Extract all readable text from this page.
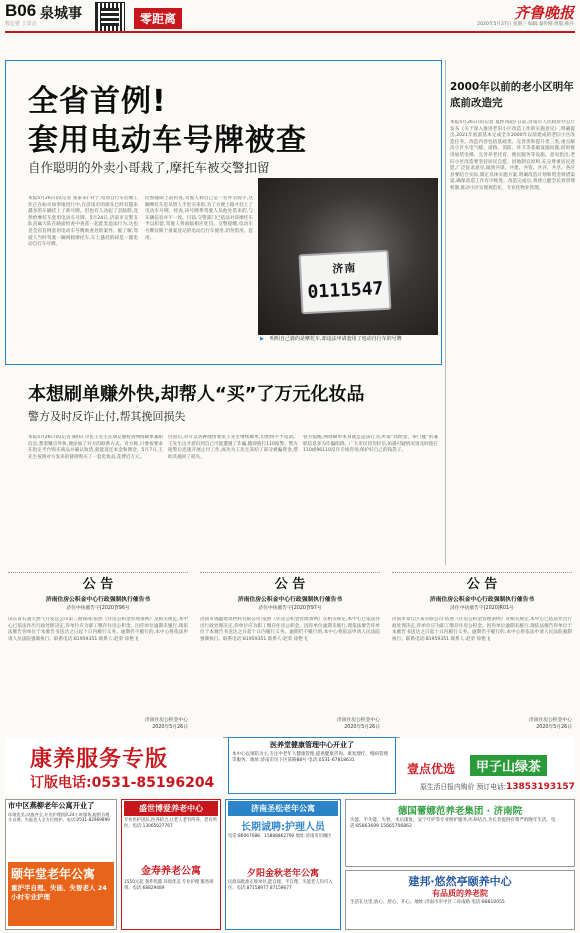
B06 泉城事	零距离
校记者 上景点
齐鲁晚报
2020年5月27日 星期三 编辑:秦传刚 组版:韩丹
全省首例!
套用电动车号牌被查
自作聪明的外卖小哥栽了,摩托车被交警扣留
本报5月26日讯(记者 张泰来) 对于,电动自行车挂牌工作正在如火如荼地进行中,在济南市的街头已经有越来越多的车辆挂上了新号牌。但也有人动起了歪脑筋,竟然给摩托车套用电动车号牌。5月24日,济南市交警支队直属大队在路面检查中查获一起此类违法行为,这也是全省首例套用电动车号牌被查处的案件。据了解,驾驶人当时驾驶一辆两轮摩托车,车上悬挂的却是一副电动自行车号牌。
民警随即上前检查,驾驶人称自己是一名外卖骑手,这辆摩托车是从别人手里买来的,为了方便上路才挂上了电动车号牌。经查,该号牌系驾驶人从他处借来的,与车辆信息并不一致。目前,交警部门已依法对该摩托车予以扣留,驾驶人将面临相应处罚。交警提醒,电动车号牌仅限于备案登记的电动自行车使用,切勿借用、套用。
济南
0111547
▶ 明明自己骑的是摩托车,却违法申请套用了电动自行车的号牌
本想刷单赚外快,却帮人“买”了万元化妆品
警方及时反诈止付,帮其挽回损失
本报5月26日讯(记者 刷伟) 市民王先生在朋友圈看到网络刷单兼职信息,想着赚点外快,便添加了对方的联系方式。对方称,只要按要求在指定平台购买商品并确认收货,就能返还本金和佣金。5月7日,王先生按照对方发来的链接购买了一套化妆品,花费近万元。
付款后,对方以各种理由要求王先生继续刷单,但始终不予返款。王先生这才意识到自己可能遭遇了诈骗,随即拨打110报警。警方接警后迅速开展止付工作,成功为王先生冻结了部分被骗资金,帮助其挽回了损失。
警方提醒,网络刷单本身就是违法行为,所谓“高佣金、零门槛”的兼职信息多为诈骗陷阱。广大市民切勿轻信,如遇可疑情况请及时拨打110或96110反诈专线咨询,保护好自己的钱袋子。
2000年以前的老小区明年底前改造完
本报5月26日讯(记者 夏侯凤超) 日前,济南市人民政府办公厅发布《关于深入推进老旧小区改造工作的实施意见》,明确提出,2021年底前基本完成全市2000年以前建成的老旧小区改造任务。改造内容包括基础类、完善类和提升类三类,重点解决小区水电气暖、道路、消防、环卫等基础设施问题,同时推进加装电梯、完善养老托育、便民服务等设施。意见指出,老旧小区改造要坚持居民自愿、因地制宜原则,充分尊重居民意愿,广泛征求意见,做到共谋、共建、共管、共评、共享。各区县要结合实际,制定具体实施方案,明确改造计划和资金筹措渠道,确保改造工作有序推进。改造完成后,将建立健全长效管理机制,推动小区实现规范化、专业化物业管理。
公 告
济南住房公积金中心行政强制执行催告书
济住中执催告字[2020]Y96号
山东省石油天然气开发总公司第三勘探部:依照《住房公积金管理条例》及相关规定,本中心已依法作出行政处理决定,你单位应为职工缴存住房公积金。因你单位逾期未履行,现依法催告你单位于本催告书送达之日起十日内履行义务。逾期仍不履行的,本中心将依法申请人民法院强制执行。联系电话:81959351 联系人:赵荣 徐艳飞
济南住房公积金中心
2020年5月26日
公 告
济南住房公积金中心行政强制执行催告书
济住中执催告字[2020]Y97号
济南市锦鑫建筑材料有限公司:依照《住房公积金管理条例》及相关规定,本中心已依法作出行政处理决定,你单位应为职工缴存住房公积金。因你单位逾期未履行,现依法催告你单位于本催告书送达之日起十日内履行义务。逾期仍不履行的,本中心将依法申请人民法院强制执行。联系电话:81959351 联系人:赵荣 徐艳飞
济南住房公积金中心
2020年5月26日
公 告
济南住房公积金中心行政强制执行催告书
济住中执催告字[2020]R01号
济南市章丘区某有限公司:依照《住房公积金管理条例》及相关规定,本中心已依法作出行政处理决定,你单位应为职工缴存住房公积金。因你单位逾期未履行,现依法催告你单位于本催告书送达之日起十日内履行义务。逾期仍不履行的,本中心将依法申请人民法院强制执行。联系电话:81959351 联系人:赵荣 徐艳飞
济南住房公积金中心
2020年5月26日
康养服务专版
订版电话:0531-85196204
医养堂健康管理中心开业了
本中心以预防为主,专注中老年人健康管理,提供健康咨询、康复理疗、慢病管理等服务。地址:济南市历下区某路88号 电话:0531-67818631
壹点优选	甲子山绿茶
原生活日报内购价 预订电话:13853193157
市中区燕柳老年公寓开业了
环境优美,设施齐全,专业护理团队24小时服务,提供自理、半自理、失能老人全方位照护。电话:0531-82969899
颐年堂老年公寓
重护半自理、失能、失智老人 24小时专业护理
盛世博爱养老中心
专业医护团队,医养结合,让老人老有所养、老有所医。电话:13065027767
金寿养老公寓
1550元起 条件优越 环境优美 专业护理 服务周到。电话:68829489
济南圣松老年公寓
长期诚聘:护理人员
电话:86067088、15888862790 地址:济南市历城区
夕阳金秋老年公寓
民政局批准正规单位,能自理、半自理、失能老人均可入住。电话:87158977 87159677
德国蕾娜范养老集团 · 济南院
失能、半失能、失智、术后康复、安宁疗护等专业照护服务,医养结合,为长者提供有尊严的晚年生活。电话:85863699 15665706862
建邦·悠然亭颐养中心
有品质的养老院
生活在这里,放心、舒心、开心。地址:济南市市中区二环南路 电话:88810055
